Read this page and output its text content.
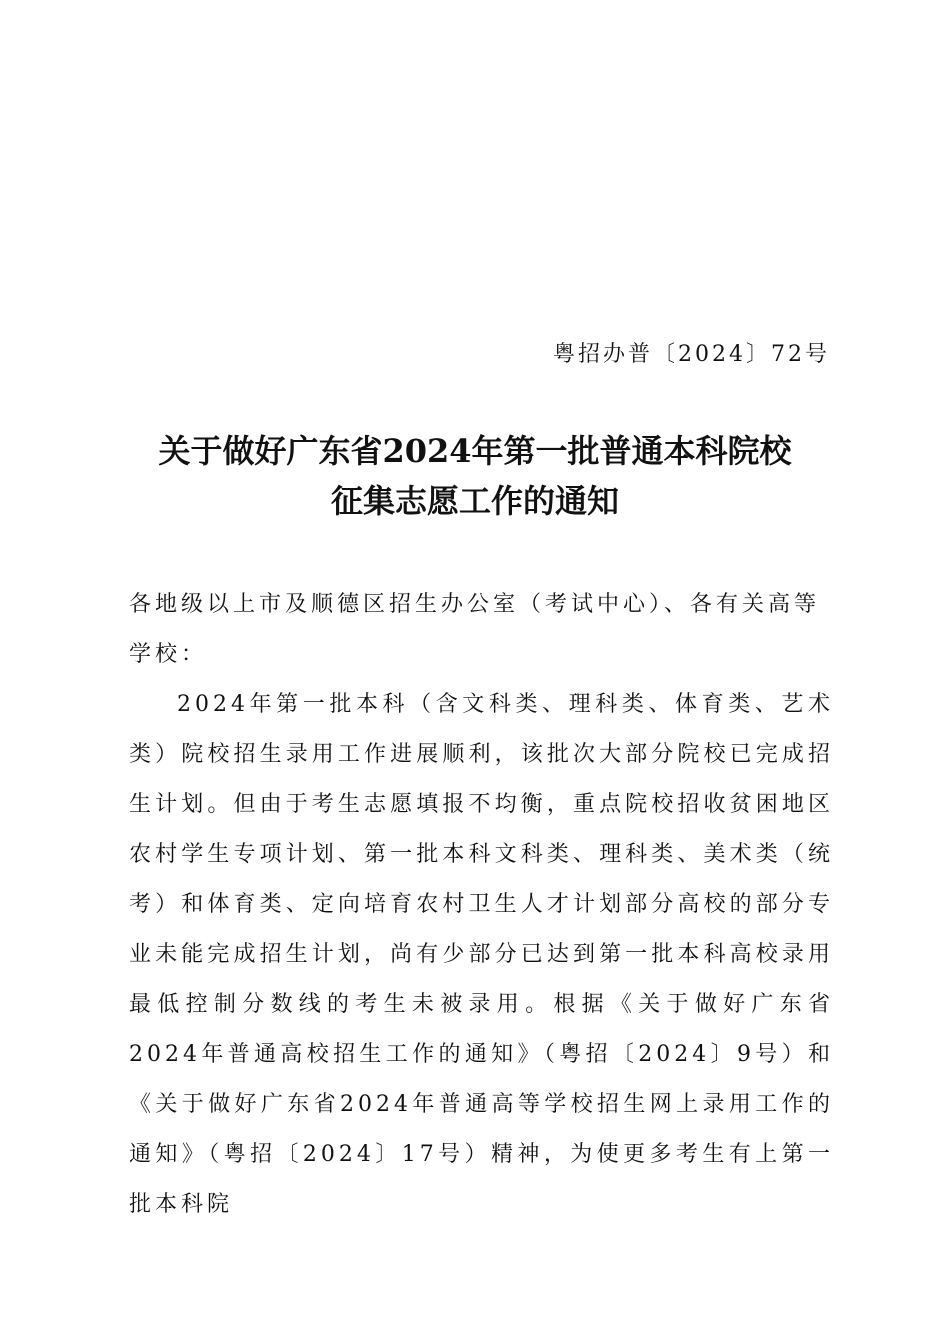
粤招办普〔2024〕72号
关于做好广东省2024年第一批普通本科院校
征集志愿工作的通知
各地级以上市及顺德区招生办公室（考试中心）、各有关高等学校：
2024年第一批本科（含文科类、理科类、体育类、艺术类）院校招生录用工作进展顺利，该批次大部分院校已完成招生计划。但由于考生志愿填报不均衡，重点院校招收贫困地区农村学生专项计划、第一批本科文科类、理科类、美术类（统考）和体育类、定向培育农村卫生人才计划部分高校的部分专业未能完成招生计划，尚有少部分已达到第一批本科高校录用最低控制分数线的考生未被录用。根据《关于做好广东省2024年普通高校招生工作的通知》（粤招〔2024〕9号）和《关于做好广东省2024年普通高等学校招生网上录用工作的通知》（粤招〔2024〕17号）精神，为使更多考生有上第一批本科院
